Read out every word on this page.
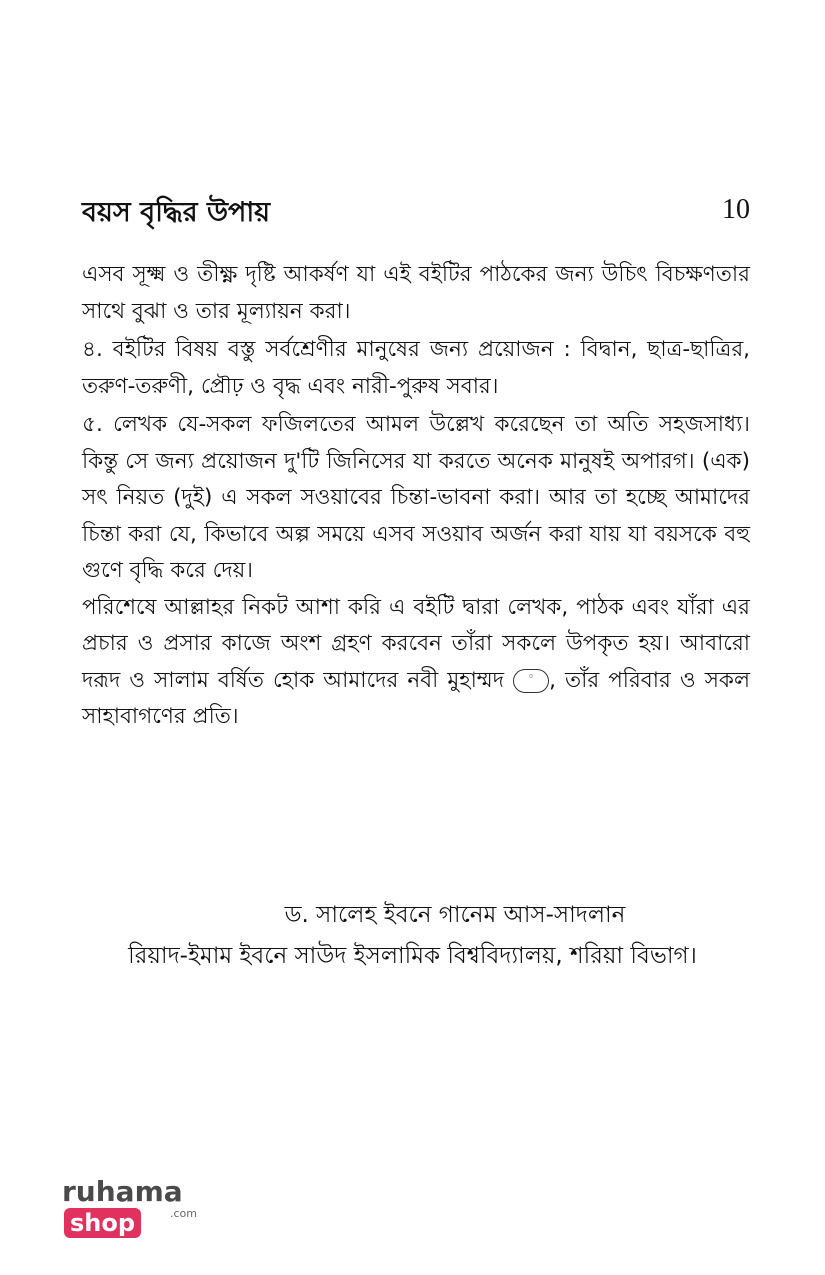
বয়স বৃদ্ধির উপায়	10

এসব সূক্ষ্ম ও তীক্ষ্ণ দৃষ্টি আকর্ষণ যা এই বইটির পাঠকের জন্য উচিৎ বিচক্ষণতার সাথে বুঝা ও তার মূল্যায়ন করা।

৪. বইটির বিষয় বস্তু সর্বশ্রেণীর মানুষের জন্য প্রয়োজন : বিদ্বান, ছাত্র-ছাত্রির, তরুণ-তরুণী, প্রৌঢ় ও বৃদ্ধ এবং নারী-পুরুষ সবার।

৫. লেখক যে-সকল ফজিলতের আমল উল্লেখ করেছেন তা অতি সহজসাধ্য। কিন্তু সে জন্য প্রয়োজন দু'টি জিনিসের যা করতে অনেক মানুষই অপারগ। (এক) সৎ নিয়ত (দুই) এ সকল সওয়াবের চিন্তা-ভাবনা করা। আর তা হচ্ছে আমাদের চিন্তা করা যে, কিভাবে অল্প সময়ে এসব সওয়াব অর্জন করা যায় যা বয়সকে বহু গুণে বৃদ্ধি করে দেয়।

পরিশেষে আল্লাহর নিকট আশা করি এ বইটি দ্বারা লেখক, পাঠক এবং যাঁরা এর প্রচার ও প্রসার কাজে অংশ গ্রহণ করবেন তাঁরা সকলে উপকৃত হয়। আবারো দরূদ ও সালাম বর্ষিত হোক আমাদের নবী মুহাম্মদ	۞ , তাঁর পরিবার ও সকল সাহাবাগণের প্রতি।

ড. সালেহ ইবনে গানেম আস-সাদলান
রিয়াদ-ইমাম ইবনে সাউদ ইসলামিক বিশ্ববিদ্যালয়, শরিয়া বিভাগ।
ruhamashop	.com
